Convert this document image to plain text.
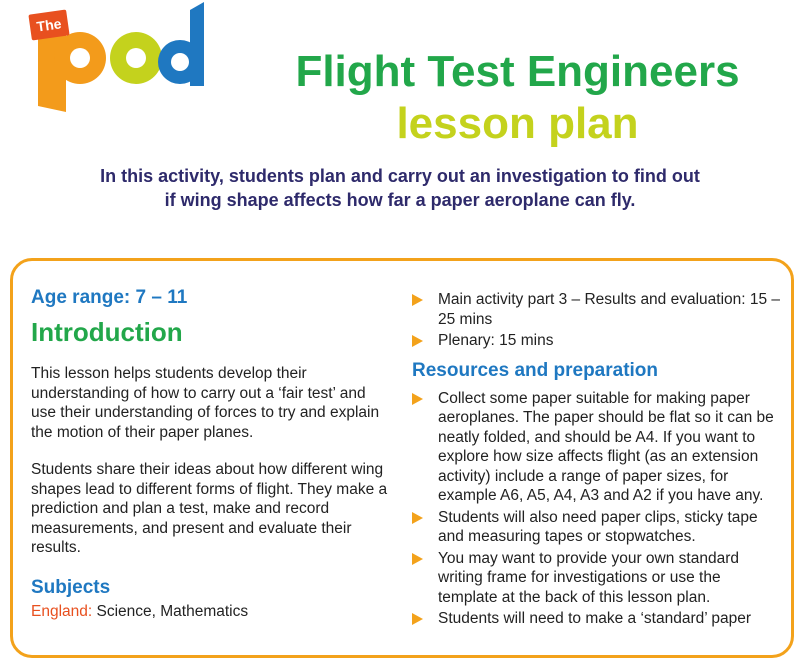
The
Flight Test Engineers
lesson plan

In this activity, students plan and carry out an investigation to find out
if wing shape affects how far a paper aeroplane can fly.

Age range: 7 – 11

Introduction

This lesson helps students develop their understanding of how to carry out a ‘fair test’ and use their understanding of forces to try and explain the motion of their paper planes.

Students share their ideas about how different wing shapes lead to different forms of flight. They make a prediction and plan a test, make and record measurements, and present and evaluate their results.

Subjects

England: Science, Mathematics

Main activity part 3 – Results and evaluation: 15 – 25 mins
Plenary: 15 mins
Resources and preparation
Collect some paper suitable for making paper aeroplanes. The paper should be flat so it can be neatly folded, and should be A4. If you want to explore how size affects flight (as an extension activity) include a range of paper sizes, for example A6, A5, A4, A3 and A2 if you have any.
Students will also need paper clips, sticky tape and measuring tapes or stopwatches.
You may want to provide your own standard writing frame for investigations or use the template at the back of this lesson plan.
Students will need to make a ‘standard’ paper
